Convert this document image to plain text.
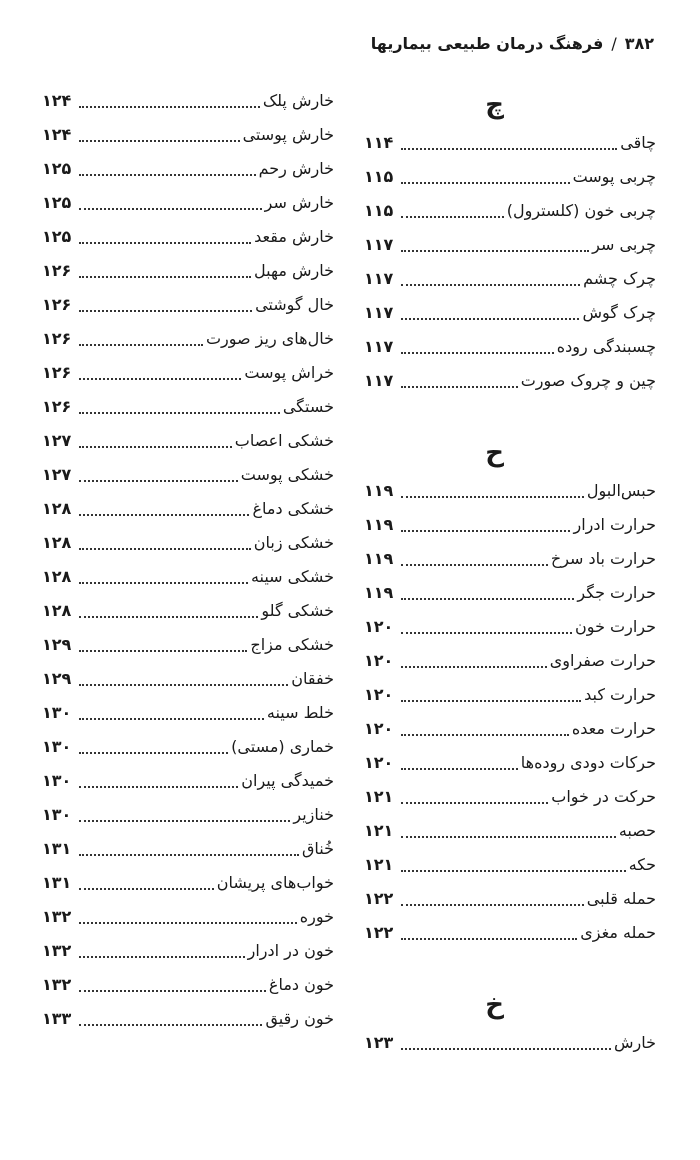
۳۸۲
/
فرهنگ درمان طبیعی بیماریها
چ
چاقی
۱۱۴
چربی پوست
۱۱۵
چربی خون (کلسترول)
۱۱۵
چربی سر
۱۱۷
چرک چشم
۱۱۷
چرک گوش
۱۱۷
چسبندگی روده
۱۱۷
چین و چروک صورت
۱۱۷
ح
حبس‌البول
۱۱۹
حرارت ادرار
۱۱۹
حرارت باد سرخ
۱۱۹
حرارت جگر
۱۱۹
حرارت خون
۱۲۰
حرارت صفراوی
۱۲۰
حرارت کبد
۱۲۰
حرارت معده
۱۲۰
حرکات دودی روده‌ها
۱۲۰
حرکت در خواب
۱۲۱
حصبه
۱۲۱
حکه
۱۲۱
حمله قلبی
۱۲۲
حمله مغزی
۱۲۲
خ
خارش
۱۲۳
خارش پلک
۱۲۴
خارش پوستی
۱۲۴
خارش رحم
۱۲۵
خارش سر
۱۲۵
خارش مقعد
۱۲۵
خارش مهبل
۱۲۶
خال گوشتی
۱۲۶
خال‌های ریز صورت
۱۲۶
خراش پوست
۱۲۶
خستگی
۱۲۶
خشکی اعصاب
۱۲۷
خشکی پوست
۱۲۷
خشکی دماغ
۱۲۸
خشکی زبان
۱۲۸
خشکی سینه
۱۲۸
خشکی گلو
۱۲۸
خشکی مزاج
۱۲۹
خفقان
۱۲۹
خلط سینه
۱۳۰
خماری (مستی)
۱۳۰
خمیدگی پیران
۱۳۰
خنازیر
۱۳۰
خُناق
۱۳۱
خواب‌های پریشان
۱۳۱
خوره
۱۳۲
خون در ادرار
۱۳۲
خون دماغ
۱۳۲
خون رقیق
۱۳۳
